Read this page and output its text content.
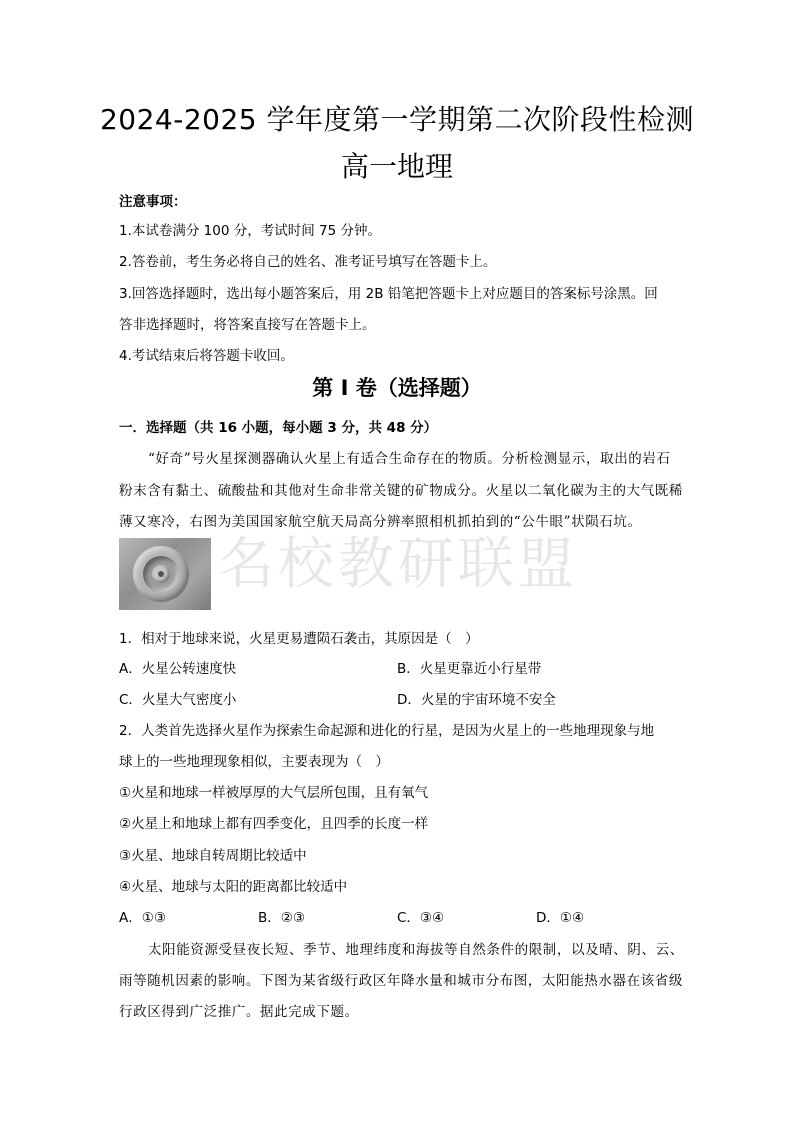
2024-2025 学年度第一学期第二次阶段性检测
高一地理
注意事项：
1.本试卷满分 100 分，考试时间 75 分钟。
2.答卷前，考生务必将自己的姓名、准考证号填写在答题卡上。
3.回答选择题时，选出每小题答案后，用 2B 铅笔把答题卡上对应题目的答案标号涂黑。回
答非选择题时，将答案直接写在答题卡上。
4.考试结束后将答题卡收回。
第 I 卷（选择题）
一．选择题（共 16 小题，每小题 3 分，共 48 分）
“好奇”号火星探测器确认火星上有适合生命存在的物质。分析检测显示，取出的岩石
粉末含有黏土、硫酸盐和其他对生命非常关键的矿物成分。火星以二氧化碳为主的大气既稀
薄又寒冷，右图为美国国家航空航天局高分辨率照相机抓拍到的“公牛眼”状陨石坑。
名校教研联盟
1．相对于地球来说，火星更易遭陨石袭击，其原因是（　）
A．火星公转速度快	B．火星更靠近小行星带
C．火星大气密度小	D．火星的宇宙环境不安全
2．人类首先选择火星作为探索生命起源和进化的行星，是因为火星上的一些地理现象与地
球上的一些地理现象相似，主要表现为（　）
①火星和地球一样被厚厚的大气层所包围，且有氧气
②火星上和地球上都有四季变化，且四季的长度一样
③火星、地球自转周期比较适中
④火星、地球与太阳的距离都比较适中
A．①③	B．②③	C．③④	D．①④
太阳能资源受昼夜长短、季节、地理纬度和海拔等自然条件的限制，以及晴、阴、云、
雨等随机因素的影响。下图为某省级行政区年降水量和城市分布图，太阳能热水器在该省级
行政区得到广泛推广。据此完成下题。
